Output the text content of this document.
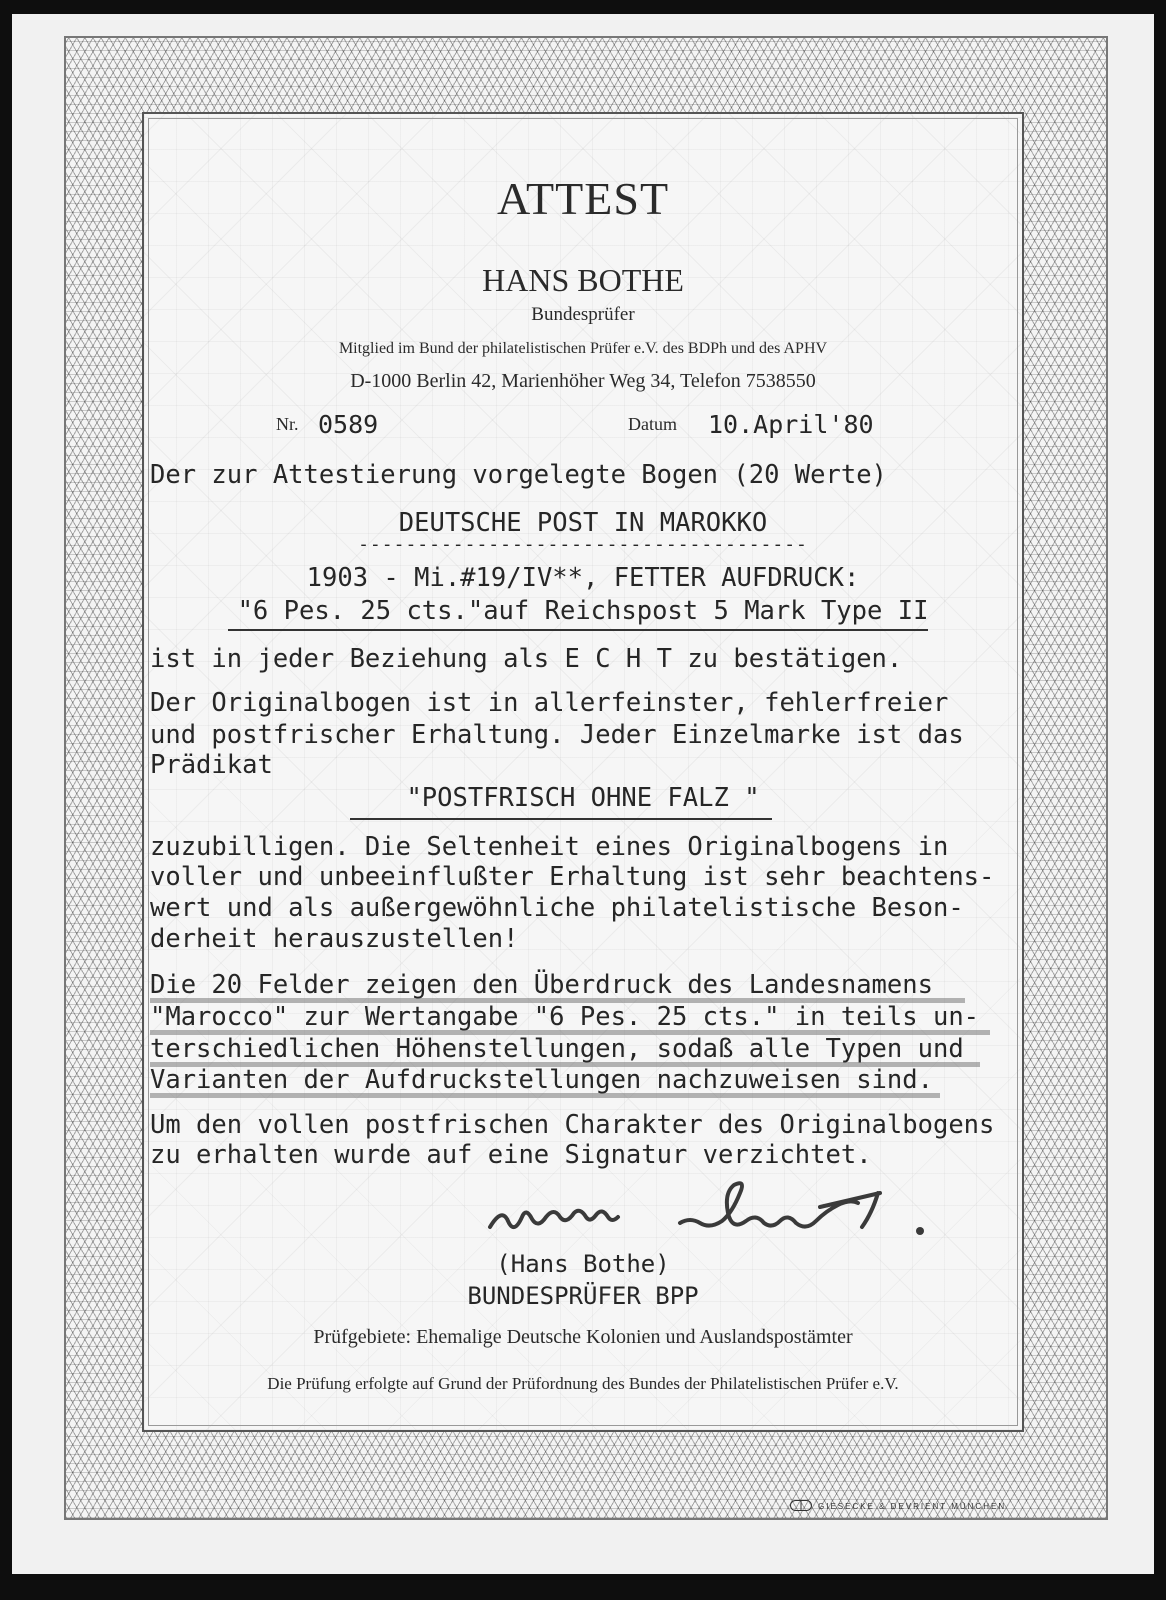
ATTEST
HANS BOTHE
Bundesprüfer
Mitglied im Bund der philatelistischen Prüfer e.V. des BDPh und des APHV
D-1000 Berlin 42, Marienhöher Weg 34, Telefon 7538550
Nr. 0589	Datum 10.April'80
Der zur Attestierung vorgelegte Bogen (20 Werte)
DEUTSCHE POST IN MAROKKO
--------------------------------------
1903 - Mi.#19/IV**, FETTER AUFDRUCK:
"6 Pes. 25 cts."auf Reichspost 5 Mark Type II
ist in jeder Beziehung als E C H T zu bestätigen.
Der Originalbogen ist in allerfeinster, fehlerfreier
und postfrischer Erhaltung. Jeder Einzelmarke ist das
Prädikat
"POSTFRISCH OHNE FALZ "
zuzubilligen. Die Seltenheit eines Originalbogens in
voller und unbeeinflußter Erhaltung ist sehr beachtens-
wert und als außergewöhnliche philatelistische Beson-
derheit herauszustellen!
Die 20 Felder zeigen den Überdruck des Landesnamens
"Marocco" zur Wertangabe "6 Pes. 25 cts." in teils un-
terschiedlichen Höhenstellungen, sodaß alle Typen und
Varianten der Aufdruckstellungen nachzuweisen sind.
Um den vollen postfrischen Charakter des Originalbogens
zu erhalten wurde auf eine Signatur verzichtet.
(Hans Bothe)
BUNDESPRÜFER BPP
Prüfgebiete: Ehemalige Deutsche Kolonien und Auslandspostämter
Die Prüfung erfolgte auf Grund der Prüfordnung des Bundes der Philatelistischen Prüfer e.V.
GIESECKE & DEVRIENT MÜNCHEN
